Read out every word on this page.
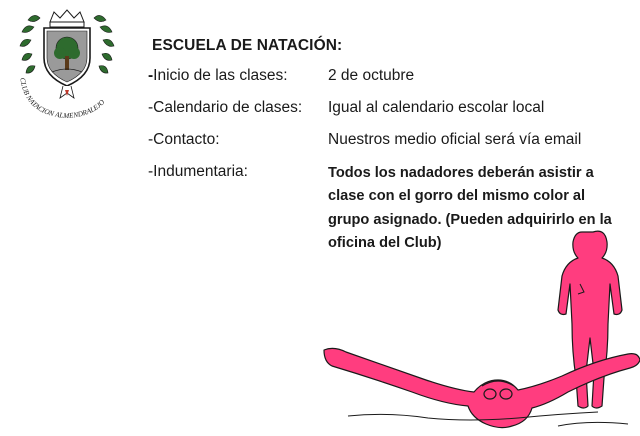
CLUB NATACION ALMENDRALEJO
ESCUELA DE NATACIÓN:
-Inicio de las clases:	2 de octubre
-Calendario de clases: Igual al calendario escolar local
-Contacto:	Nuestros medio oficial será vía email
-Indumentaria:	Todos los nadadores deberán asistir a clase con el gorro del mismo color al grupo asignado. (Pueden adquirirlo en la oficina del Club)
